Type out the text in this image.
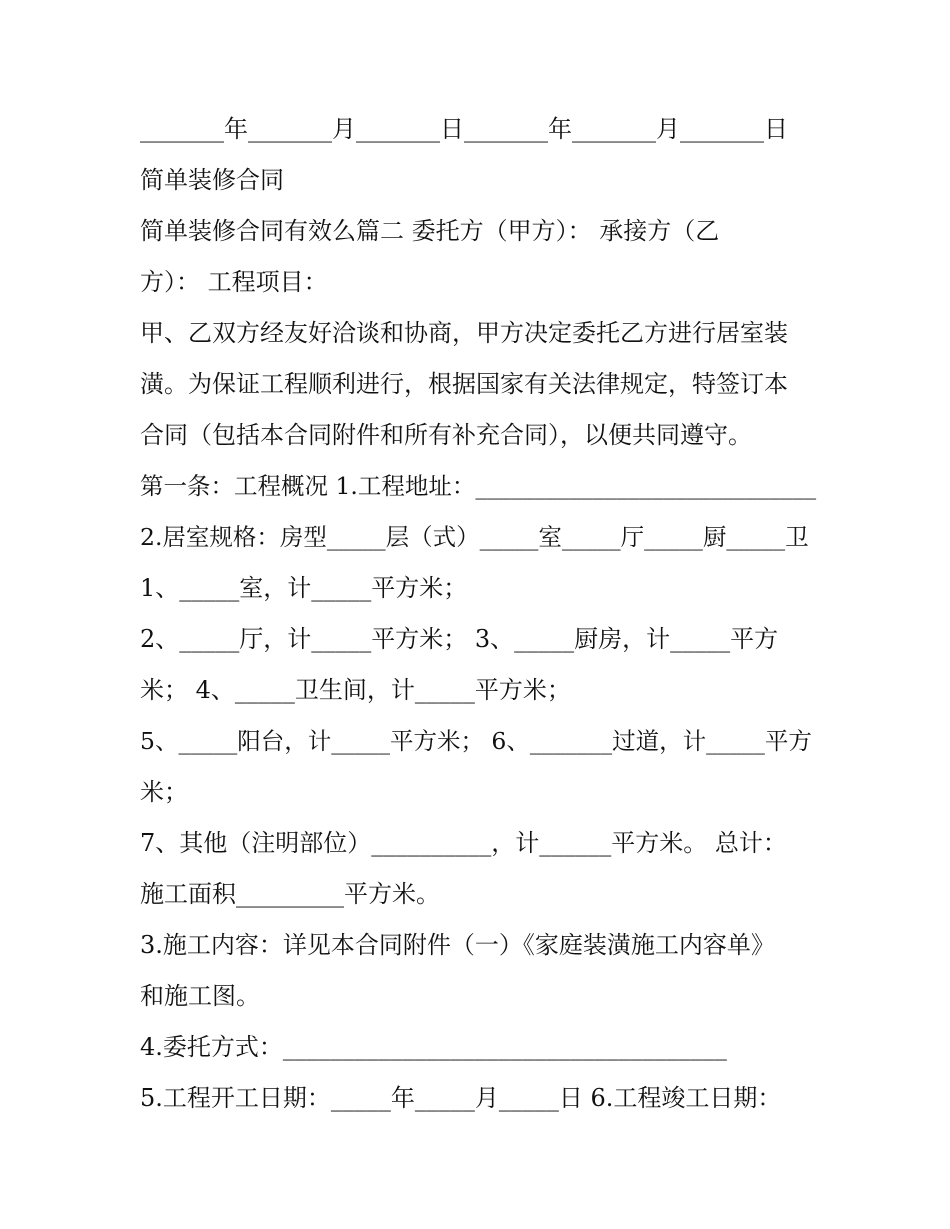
_______年_______月_______日_______年_______月_______日
简单装修合同
简单装修合同有效么篇二 委托方（甲方）： 承接方（乙
方）： 工程项目：
甲、乙双方经友好洽谈和协商，甲方决定委托乙方进行居室装
潢。为保证工程顺利进行，根据国家有关法律规定，特签订本
合同（包括本合同附件和所有补充合同），以便共同遵守。
第一条：工程概况 1.工程地址：_____________________________
2.居室规格：房型_____层（式）_____室_____厅_____厨_____卫
1、_____室，计_____平方米；
2、_____厅，计_____平方米； 3、_____厨房，计_____平方
米； 4、_____卫生间，计_____平方米；
5、_____阳台，计_____平方米； 6、_______过道，计_____平方
米；
7、其他（注明部位）__________，计______平方米。 总计：
施工面积_________平方米。
3.施工内容：详见本合同附件（一）《家庭装潢施工内容单》
和施工图。
4.委托方式：_____________________________________
5.工程开工日期：_____年_____月_____日 6.工程竣工日期：
